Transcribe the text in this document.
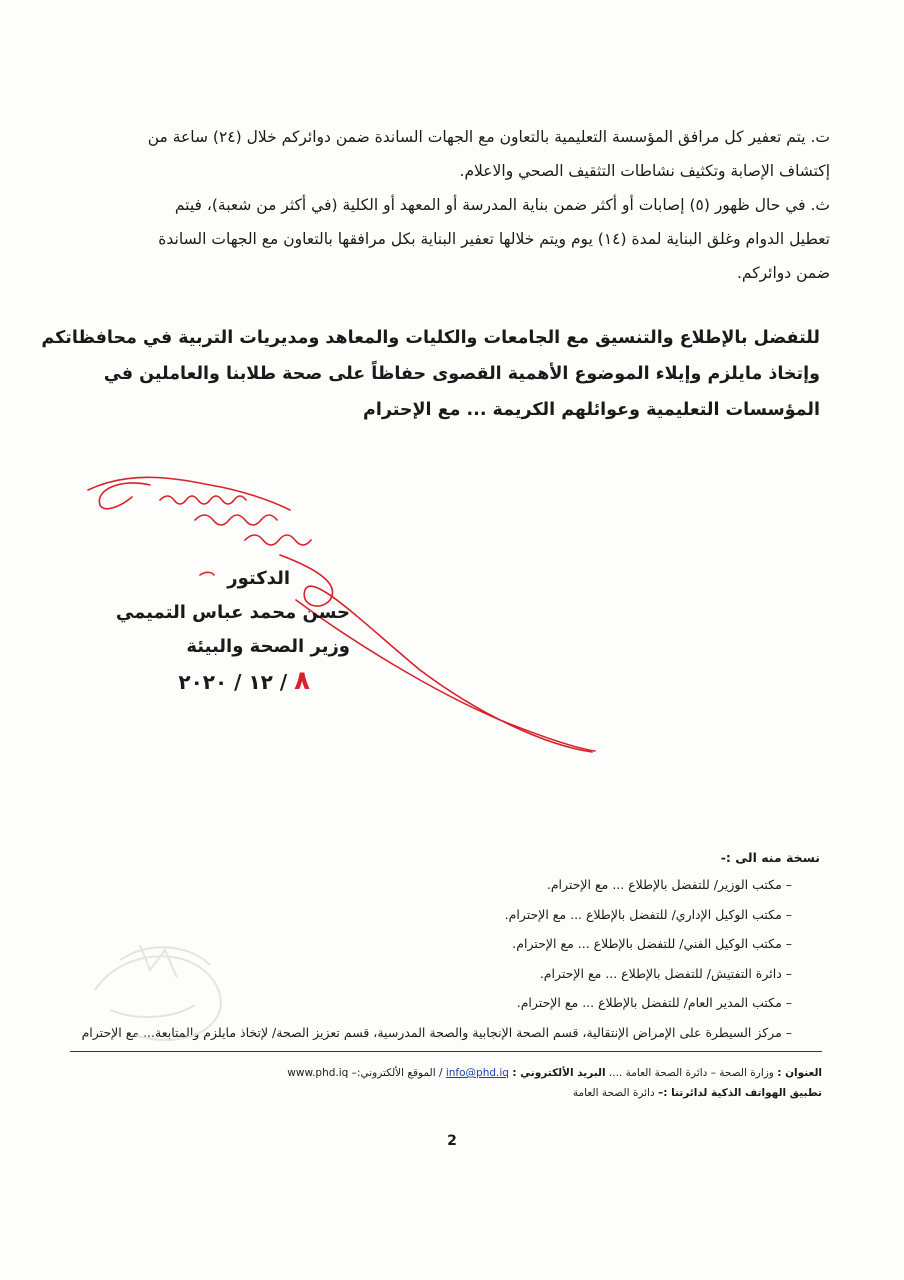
ت. يتم تعفير كل مرافق المؤسسة التعليمية بالتعاون مع الجهات الساندة ضمن دوائركم خلال (٢٤) ساعة من
إكتشاف الإصابة وتكثيف نشاطات التثقيف الصحي والاعلام.
ث. في حال ظهور (٥) إصابات أو أكثر ضمن بناية المدرسة أو المعهد أو الكلية (في أكثر من شعبة)، فيتم
تعطيل الدوام وغلق البناية لمدة (١٤) يوم ويتم خلالها تعفير البناية بكل مرافقها بالتعاون مع الجهات الساندة
ضمن دوائركم.
للتفضل بالإطلاع والتنسيق مع الجامعات والكليات والمعاهد ومديريات التربية في محافظاتكم
وإتخاذ مايلزم وإيلاء الموضوع الأهمية القصوى حفاظاً على صحة طلابنا والعاملين في
المؤسسات التعليمية وعوائلهم الكريمة ... مع الإحترام
الدكتور
حسن محمد عباس التميمي
وزير الصحة والبيئة
٨ / ١٢ / ٢٠٢٠
نسخة منه الى :-
– مكتب الوزير/ للتفضل بالإطلاع ... مع الإحترام.
– مكتب الوكيل الإداري/ للتفضل بالإطلاع ... مع الإحترام.
– مكتب الوكيل الفني/ للتفضل بالإطلاع ... مع الإحترام.
– دائرة التفتيش/ للتفضل بالإطلاع ... مع الإحترام.
– مكتب المدير العام/ للتفضل بالإطلاع ... مع الإحترام.
– مركز السيطرة على الإمراض الإنتقالية، قسم الصحة الإنجابية والصحة المدرسية، قسم تعزيز الصحة/ لإتخاذ مايلزم والمتابعة... مع الإحترام
العنوان : وزارة الصحة – دائرة الصحة العامة .... البريد الألكتروني : info@phd.iq / الموقع الألكتروني:– www.phd.iq
تطبيق الهواتف الذكية لدائرتنا :– دائرة الصحة العامة
2
